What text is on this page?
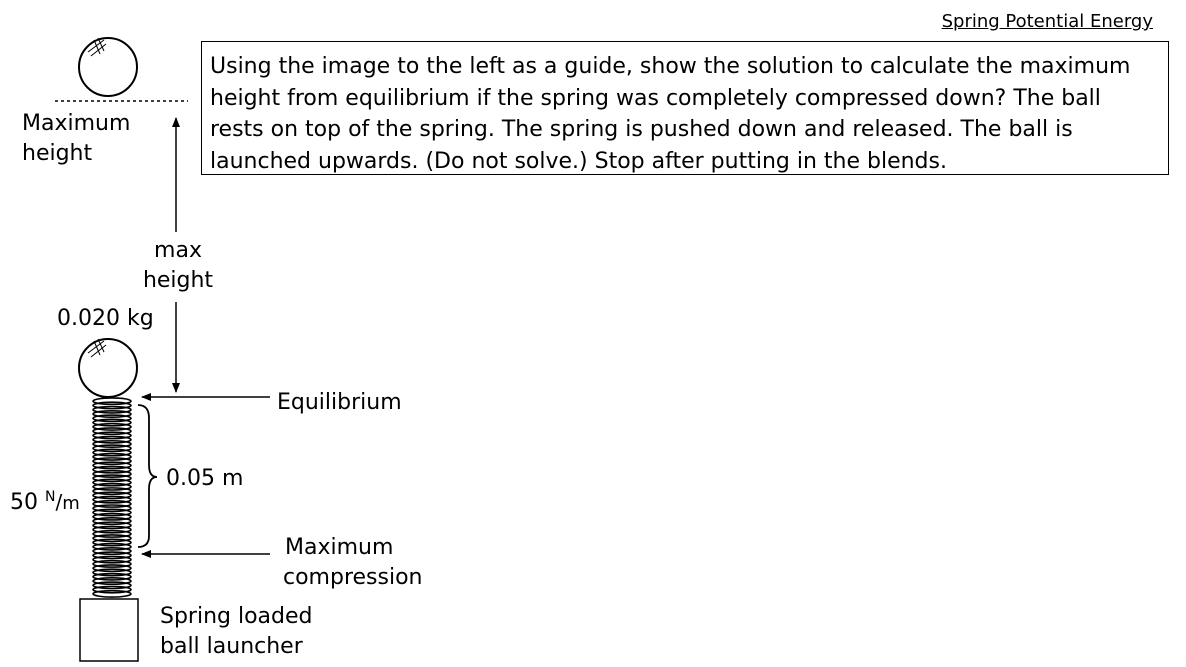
Spring Potential Energy
Using the image to the left as a guide, show the solution to calculate the maximum
height from equilibrium if the spring was completely compressed down? The ball
rests on top of the spring. The spring is pushed down and released. The ball is
launched upwards. (Do not solve.) Stop after putting in the blends.
Maximum
height
max
height
0.020 kg
Equilibrium
0.05 m
50 $^N$/m
Maximum
compression
Spring loaded
ball launcher
